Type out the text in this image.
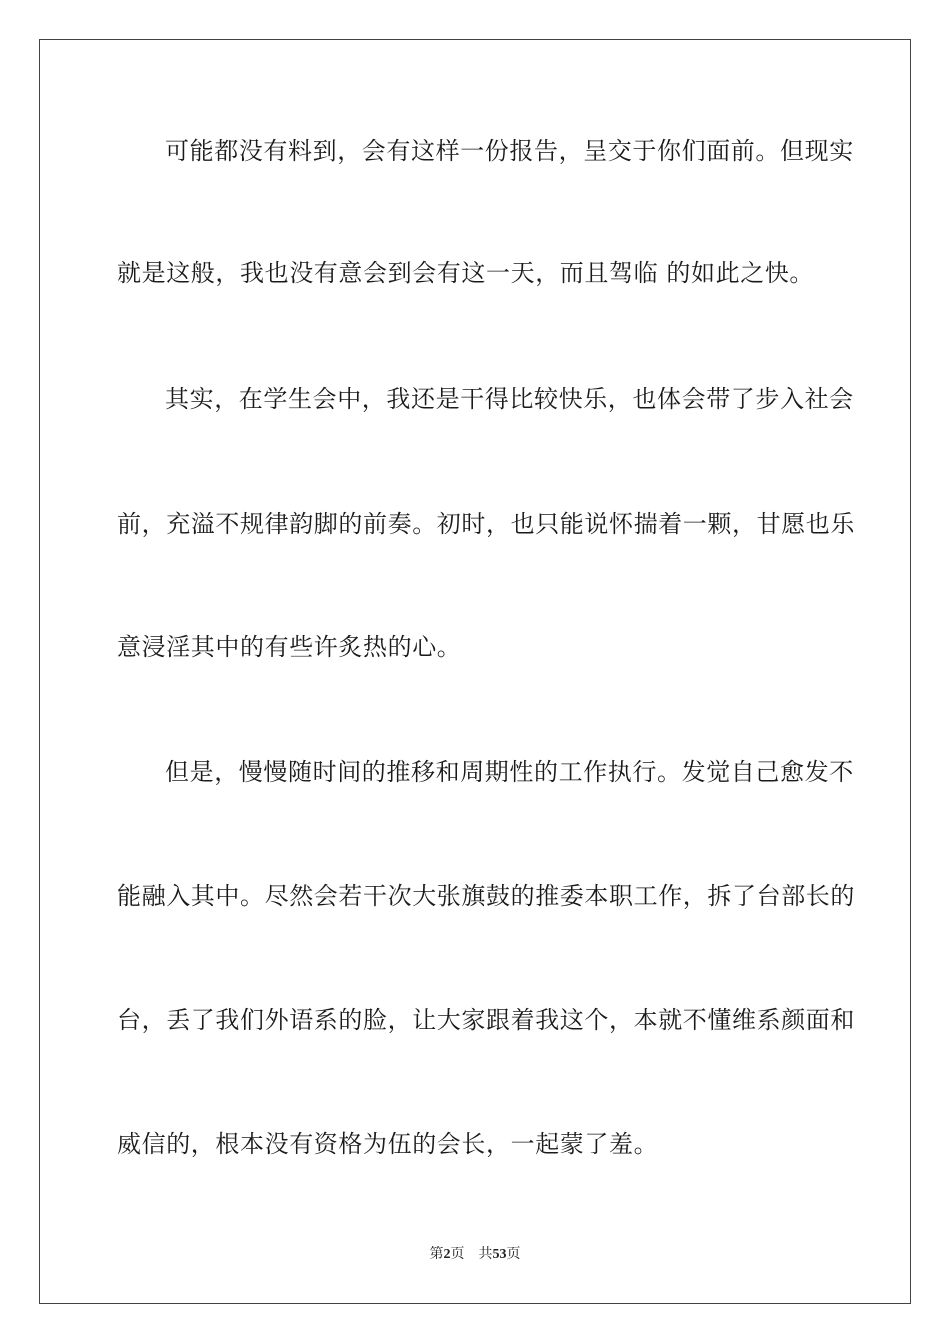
可能都没有料到，会有这样一份报告，呈交于你们面前。但现实
就是这般，我也没有意会到会有这一天，而且驾临 的如此之快。
其实，在学生会中，我还是干得比较快乐，也体会带了步入社会
前，充溢不规律韵脚的前奏。初时，也只能说怀揣着一颗，甘愿也乐
意浸淫其中的有些许炙热的心。
但是，慢慢随时间的推移和周期性的工作执行。发觉自己愈发不
能融入其中。尽然会若干次大张旗鼓的推委本职工作，拆了台部长的
台，丢了我们外语系的脸，让大家跟着我这个，本就不懂维系颜面和
威信的，根本没有资格为伍的会长，一起蒙了羞。
第2页 共53页
